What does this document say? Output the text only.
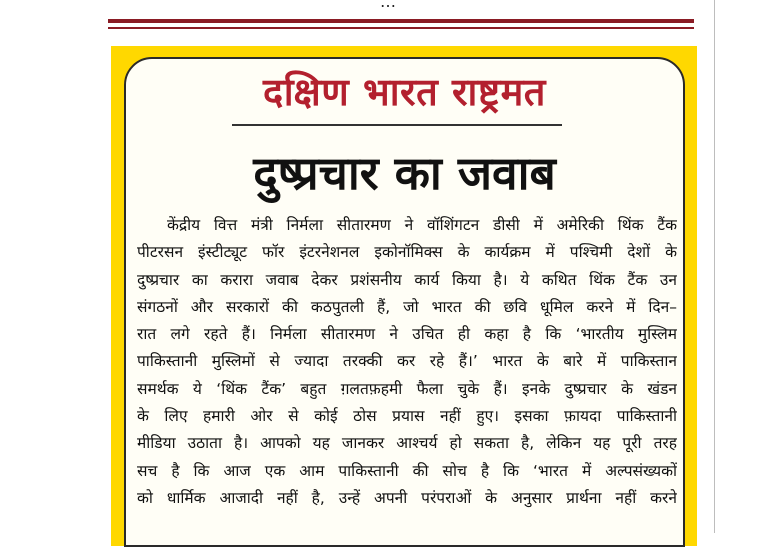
…
दक्षिण भारत राष्ट्रमत
दुष्प्रचार का जवाब
केंद्रीय वित्त मंत्री निर्मला सीतारमण ने वॉशिंगटन डीसी में अमेरिकी थिंक टैंक
पीटरसन इंस्टीट्यूट फॉर इंटरनेशनल इकोनॉमिक्स के कार्यक्रम में पश्चिमी देशों के
दुष्प्रचार का करारा जवाब देकर प्रशंसनीय कार्य किया है। ये कथित थिंक टैंक उन
संगठनों और सरकारों की कठपुतली हैं, जो भारत की छवि धूमिल करने में दिन–
रात लगे रहते हैं। निर्मला सीतारमण ने उचित ही कहा है कि ‘भारतीय मुस्लिम
पाकिस्तानी मुस्लिमों से ज्यादा तरक्की कर रहे हैं।’ भारत के बारे में पाकिस्तान
समर्थक ये ‘थिंक टैंक’ बहुत ग़लतफ़हमी फैला चुके हैं। इनके दुष्प्रचार के खंडन
के लिए हमारी ओर से कोई ठोस प्रयास नहीं हुए। इसका फ़ायदा पाकिस्तानी
मीडिया उठाता है। आपको यह जानकर आश्चर्य हो सकता है, लेकिन यह पूरी तरह
सच है कि आज एक आम पाकिस्तानी की सोच है कि ‘भारत में अल्पसंख्यकों
को धार्मिक आजादी नहीं है, उन्हें अपनी परंपराओं के अनुसार प्रार्थना नहीं करने
